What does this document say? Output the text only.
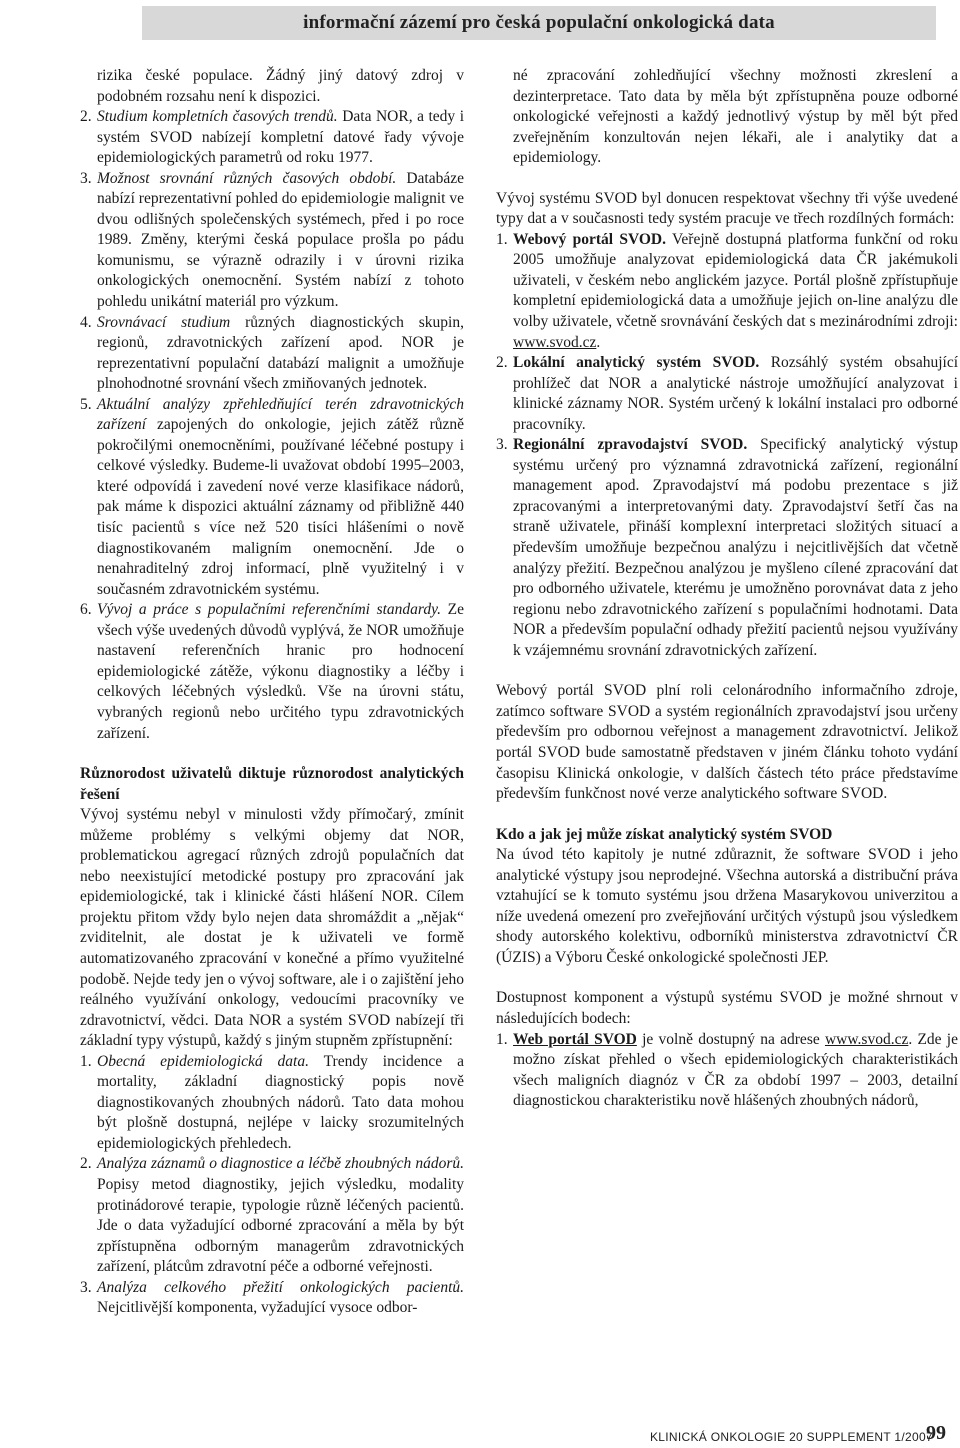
informační zázemí pro česká populační onkologická data
rizika české populace. Žádný jiný datový zdroj v podobném rozsahu není k dispozici.
2. Studium kompletních časových trendů. Data NOR, a tedy i systém SVOD nabízejí kompletní datové řady vývoje epidemiologických parametrů od roku 1977.
3. Možnost srovnání různých časových období. Databáze nabízí reprezentativní pohled do epidemiologie malignit ve dvou odlišných společenských systémech, před i po roce 1989. Změny, kterými česká populace prošla po pádu komunismu, se výrazně odrazily i v úrovni rizika onkologických onemocnění. Systém nabízí z tohoto pohledu unikátní materiál pro výzkum.
4. Srovnávací studium různých diagnostických skupin, regionů, zdravotnických zařízení apod. NOR je reprezentativní populační databází malignit a umožňuje plnohodnotné srovnání všech zmiňovaných jednotek.
5. Aktuální analýzy zpřehledňující terén zdravotnických zařízení zapojených do onkologie, jejich zátěž různě pokročilými onemocněními, používané léčebné postupy i celkové výsledky. Budeme-li uvažovat období 1995–2003, které odpovídá i zavedení nové verze klasifikace nádorů, pak máme k dispozici aktuální záznamy od přibližně 440 tisíc pacientů s více než 520 tisíci hlášeními o nově diagnostikovaném maligním onemocnění. Jde o nenahraditelný zdroj informací, plně využitelný i v současném zdravotnickém systému.
6. Vývoj a práce s populačními referenčními standardy. Ze všech výše uvedených důvodů vyplývá, že NOR umožňuje nastavení referenčních hranic pro hodnocení epidemiologické zátěže, výkonu diagnostiky a léčby i celkových léčebných výsledků. Vše na úrovni státu, vybraných regionů nebo určitého typu zdravotnických zařízení.
Různorodost uživatelů diktuje různorodost analytických řešení
Vývoj systému nebyl v minulosti vždy přímočarý, zmínit můžeme problémy s velkými objemy dat NOR, problematickou agregací různých zdrojů populačních dat nebo neexistující metodické postupy pro zpracování jak epidemiologické, tak i klinické části hlášení NOR. Cílem projektu přitom vždy bylo nejen data shromáždit a „nějak“ zviditelnit, ale dostat je k uživateli ve formě automatizovaného zpracování v konečné a přímo využitelné podobě. Nejde tedy jen o vývoj software, ale i o zajištění jeho reálného využívání onkology, vedoucími pracovníky ve zdravotnictví, vědci. Data NOR a systém SVOD nabízejí tři základní typy výstupů, každý s jiným stupněm zpřístupnění:
1. Obecná epidemiologická data. Trendy incidence a mortality, základní diagnostický popis nově diagnostikovaných zhoubných nádorů. Tato data mohou být plošně dostupná, nejlépe v laicky srozumitelných epidemiologických přehledech.
2. Analýza záznamů o diagnostice a léčbě zhoubných nádorů. Popisy metod diagnostiky, jejich výsledku, modality protinádorové terapie, typologie různě léčených pacientů. Jde o data vyžadující odborné zpracování a měla by být zpřístupněna odborným managerům zdravotnických zařízení, plátcům zdravotní péče a odborné veřejnosti.
3. Analýza celkového přežití onkologických pacientů. Nejcitlivější komponenta, vyžadující vysoce odbor-
né zpracování zohledňující všechny možnosti zkreslení a dezinterpretace. Tato data by měla být zpřístupněna pouze odborné onkologické veřejnosti a každý jednotlivý výstup by měl být před zveřejněním konzultován nejen lékaři, ale i analytiky dat a epidemiology.
Vývoj systému SVOD byl donucen respektovat všechny tři výše uvedené typy dat a v současnosti tedy systém pracuje ve třech rozdílných formách:
1. Webový portál SVOD. Veřejně dostupná platforma funkční od roku 2005 umožňuje analyzovat epidemiologická data ČR jakémukoli uživateli, v českém nebo anglickém jazyce. Portál plošně zpřístupňuje kompletní epidemiologická data a umožňuje jejich on-line analýzu dle volby uživatele, včetně srovnávání českých dat s mezinárodními zdroji: www.svod.cz.
2. Lokální analytický systém SVOD. Rozsáhlý systém obsahující prohlížeč dat NOR a analytické nástroje umožňující analyzovat i klinické záznamy NOR. Systém určený k lokální instalaci pro odborné pracovníky.
3. Regionální zpravodajství SVOD. Specifický analytický výstup systému určený pro významná zdravotnická zařízení, regionální management apod. Zpravodajství má podobu prezentace s již zpracovanými a interpretovanými daty. Zpravodajství šetří čas na straně uživatele, přináší komplexní interpretaci složitých situací a především umožňuje bezpečnou analýzu i nejcitlivějších dat včetně analýzy přežití. Bezpečnou analýzou je myšleno cílené zpracování dat pro odborného uživatele, kterému je umožněno porovnávat data z jeho regionu nebo zdravotnického zařízení s populačními hodnotami. Data NOR a především populační odhady přežití pacientů nejsou využívány k vzájemnému srovnání zdravotnických zařízení.
Webový portál SVOD plní roli celonárodního informačního zdroje, zatímco software SVOD a systém regionálních zpravodajství jsou určeny především pro odbornou veřejnost a management zdravotnictví. Jelikož portál SVOD bude samostatně představen v jiném článku tohoto vydání časopisu Klinická onkologie, v dalších částech této práce představíme především funkčnost nové verze analytického software SVOD.
Kdo a jak jej může získat analytický systém SVOD
Na úvod této kapitoly je nutné zdůraznit, že software SVOD i jeho analytické výstupy jsou neprodejné. Všechna autorská a distribuční práva vztahující se k tomuto systému jsou držena Masarykovou univerzitou a níže uvedená omezení pro zveřejňování určitých výstupů jsou výsledkem shody autorského kolektivu, odborníků ministerstva zdravotnictví ČR (ÚZIS) a Výboru České onkologické společnosti JEP.
Dostupnost komponent a výstupů systému SVOD je možné shrnout v následujících bodech:
1. Web portál SVOD je volně dostupný na adrese www.svod.cz. Zde je možno získat přehled o všech epidemiologických charakteristikách všech maligních diagnóz v ČR za období 1997 – 2003, detailní diagnostickou charakteristiku nově hlášených zhoubných nádorů,
KLINICKÁ ONKOLOGIE 20 SUPPLEMENT 1/2007
99
